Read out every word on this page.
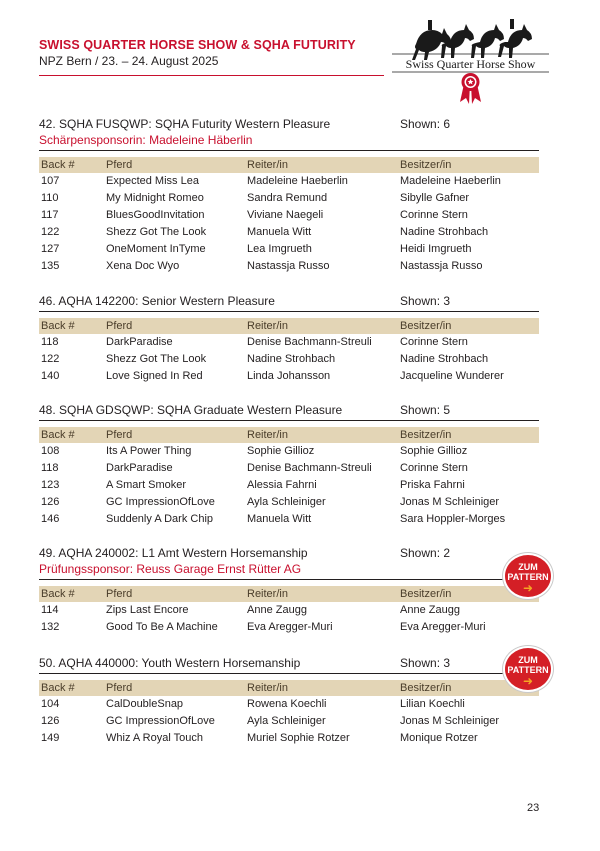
SWISS QUARTER HORSE SHOW & SQHA FUTURITY
NPZ Bern / 23. – 24. August 2025	Swiss Quarter Horse Show
42. SQHA FUSQWP: SQHA Futurity Western Pleasure	Shown: 6
Schärpensponsorin: Madeleine Häberlin
Back #	Pferd	Reiter/in	Besitzer/in
107	Expected Miss Lea	Madeleine Haeberlin	Madeleine Haeberlin
110	My Midnight Romeo	Sandra Remund	Sibylle Gafner
117	BluesGoodInvitation	Viviane Naegeli	Corinne Stern
122	Shezz Got The Look	Manuela Witt	Nadine Strohbach
127	OneMoment InTyme	Lea Imgrueth	Heidi Imgrueth
135	Xena Doc Wyo	Nastassja Russo	Nastassja Russo
46. AQHA 142200: Senior Western Pleasure	Shown: 3
Back #	Pferd	Reiter/in	Besitzer/in
118	DarkParadise	Denise Bachmann-Streuli	Corinne Stern
122	Shezz Got The Look	Nadine Strohbach	Nadine Strohbach
140	Love Signed In Red	Linda Johansson	Jacqueline Wunderer
48. SQHA GDSQWP: SQHA Graduate Western Pleasure	Shown: 5
Back #	Pferd	Reiter/in	Besitzer/in
108	Its A Power Thing	Sophie Gillioz	Sophie Gillioz
118	DarkParadise	Denise Bachmann-Streuli	Corinne Stern
123	A Smart Smoker	Alessia Fahrni	Priska Fahrni
126	GC ImpressionOfLove	Ayla Schleiniger	Jonas M Schleiniger
146	Suddenly A Dark Chip	Manuela Witt	Sara Hoppler-Morges
49. AQHA 240002: L1 Amt Western Horsemanship	Shown: 2
Prüfungssponsor: Reuss Garage Ernst Rütter AG
Back #	Pferd	Reiter/in	Besitzer/in
114	Zips Last Encore	Anne Zaugg	Anne Zaugg
132	Good To Be A Machine	Eva Aregger-Muri	Eva Aregger-Muri
ZUM
PATTERN
➜
50. AQHA 440000: Youth Western Horsemanship	Shown: 3
Back #	Pferd	Reiter/in	Besitzer/in
104	CalDoubleSnap	Rowena Koechli	Lilian Koechli
126	GC ImpressionOfLove	Ayla Schleiniger	Jonas M Schleiniger
149	Whiz A Royal Touch	Muriel Sophie Rotzer	Monique Rotzer
ZUM
PATTERN
➜
23
